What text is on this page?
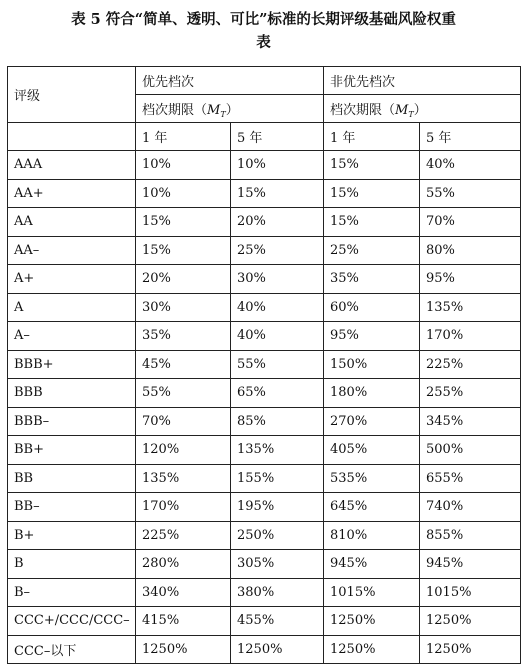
表 5 符合“简单、透明、可比”标准的长期评级基础风险权重
表
评级	优先档次		非优先档次	
	档次期限$(M_T)$		档次期限$(M_T)$	
	1 年	5 年	1 年	5 年
AAA	10%	10%	15%	40%
AA+	10%	15%	15%	55%
AA	15%	20%	15%	70%
AA–	15%	25%	25%	80%
A+	20%	30%	35%	95%
A	30%	40%	60%	135%
A–	35%	40%	95%	170%
BBB+	45%	55%	150%	225%
BBB	55%	65%	180%	255%
BBB–	70%	85%	270%	345%
BB+	120%	135%	405%	500%
BB	135%	155%	535%	655%
BB–	170%	195%	645%	740%
B+	225%	250%	810%	855%
B	280%	305%	945%	945%
B–	340%	380%	1015%	1015%
CCC+/CCC/CCC–	415%	455%	1250%	1250%
CCC–以下	1250%	1250%	1250%	1250%
